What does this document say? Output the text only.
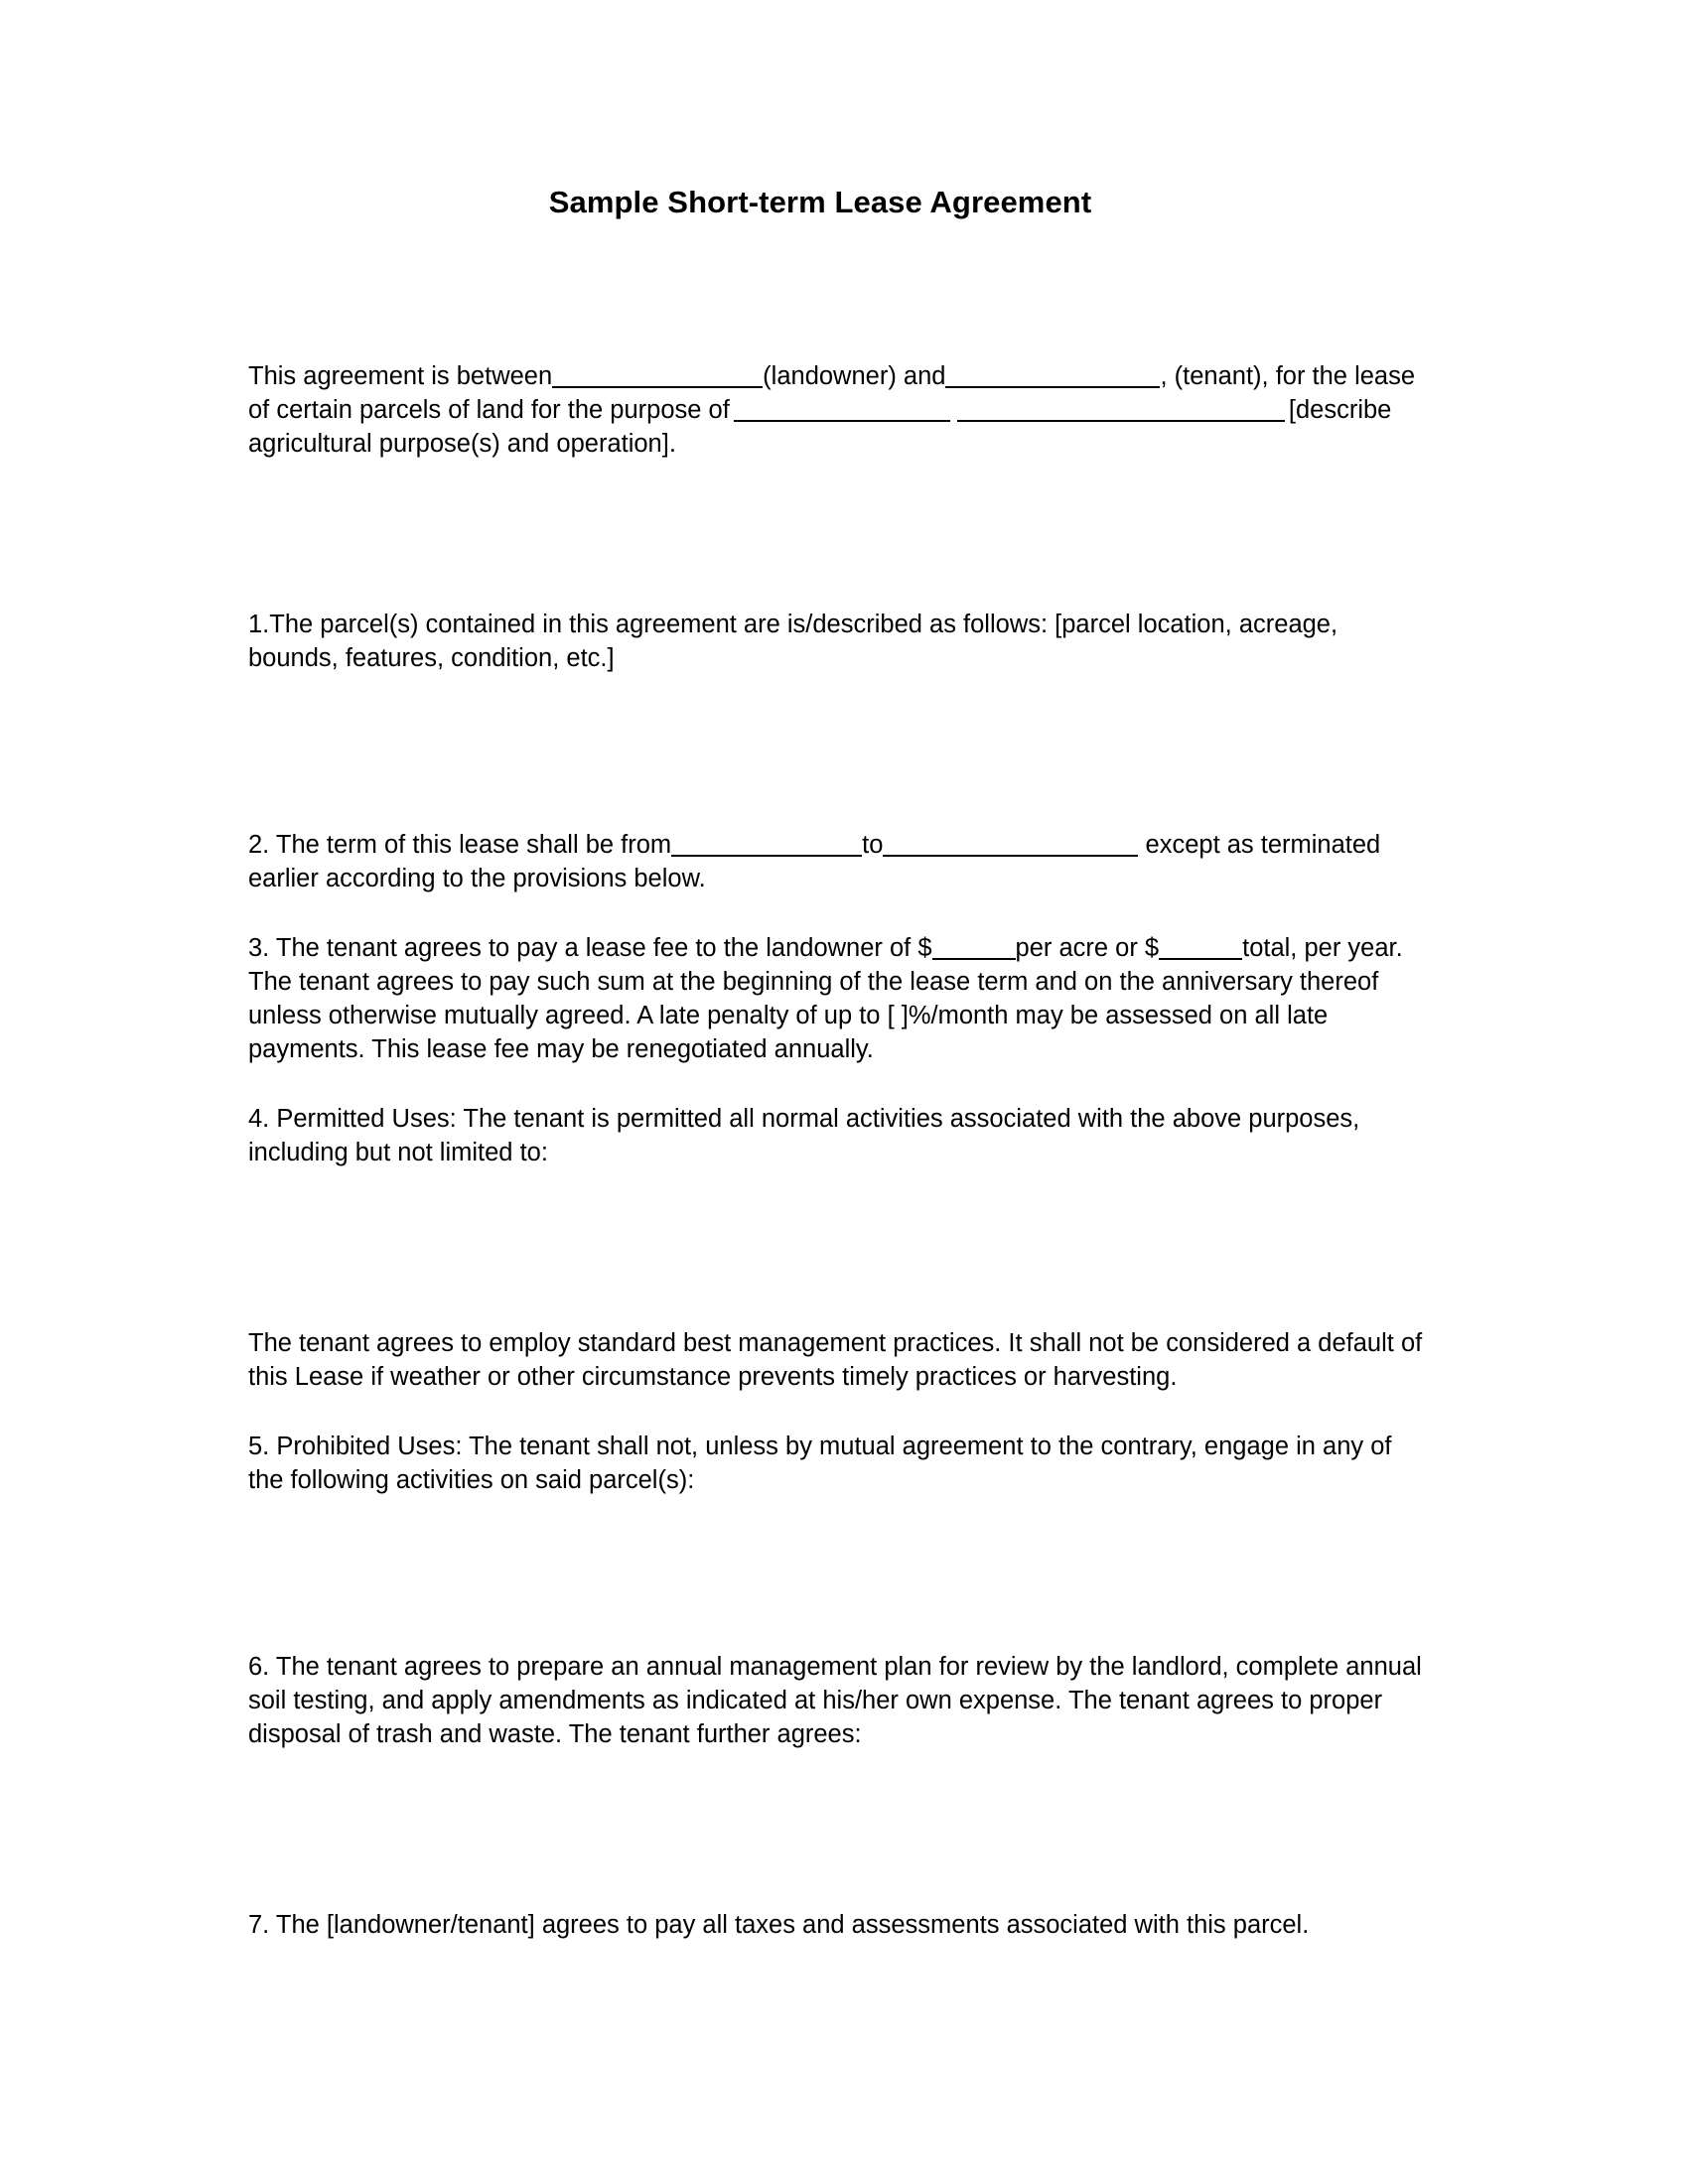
Sample Short-term Lease Agreement

This agreement is between	(landowner) and	, (tenant), for the lease of certain parcels of land for the purpose of	[describe agricultural purpose(s) and operation].

1.The parcel(s) contained in this agreement are is/described as follows: [parcel location, acreage, bounds, features, condition, etc.]

2. The term of this lease shall be from	to	except as terminated earlier according to the provisions below.

3. The tenant agrees to pay a lease fee to the landowner of $	per acre or $	total, per year. The tenant agrees to pay such sum at the beginning of the lease term and on the anniversary thereof unless otherwise mutually agreed. A late penalty of up to [ ]%/month may be assessed on all late payments. This lease fee may be renegotiated annually.

4. Permitted Uses: The tenant is permitted all normal activities associated with the above purposes, including but not limited to:

The tenant agrees to employ standard best management practices. It shall not be considered a default of this Lease if weather or other circumstance prevents timely practices or harvesting.

5. Prohibited Uses: The tenant shall not, unless by mutual agreement to the contrary, engage in any of the following activities on said parcel(s):

6. The tenant agrees to prepare an annual management plan for review by the landlord, complete annual soil testing, and apply amendments as indicated at his/her own expense. The tenant agrees to proper disposal of trash and waste. The tenant further agrees:

7. The [landowner/tenant] agrees to pay all taxes and assessments associated with this parcel.
